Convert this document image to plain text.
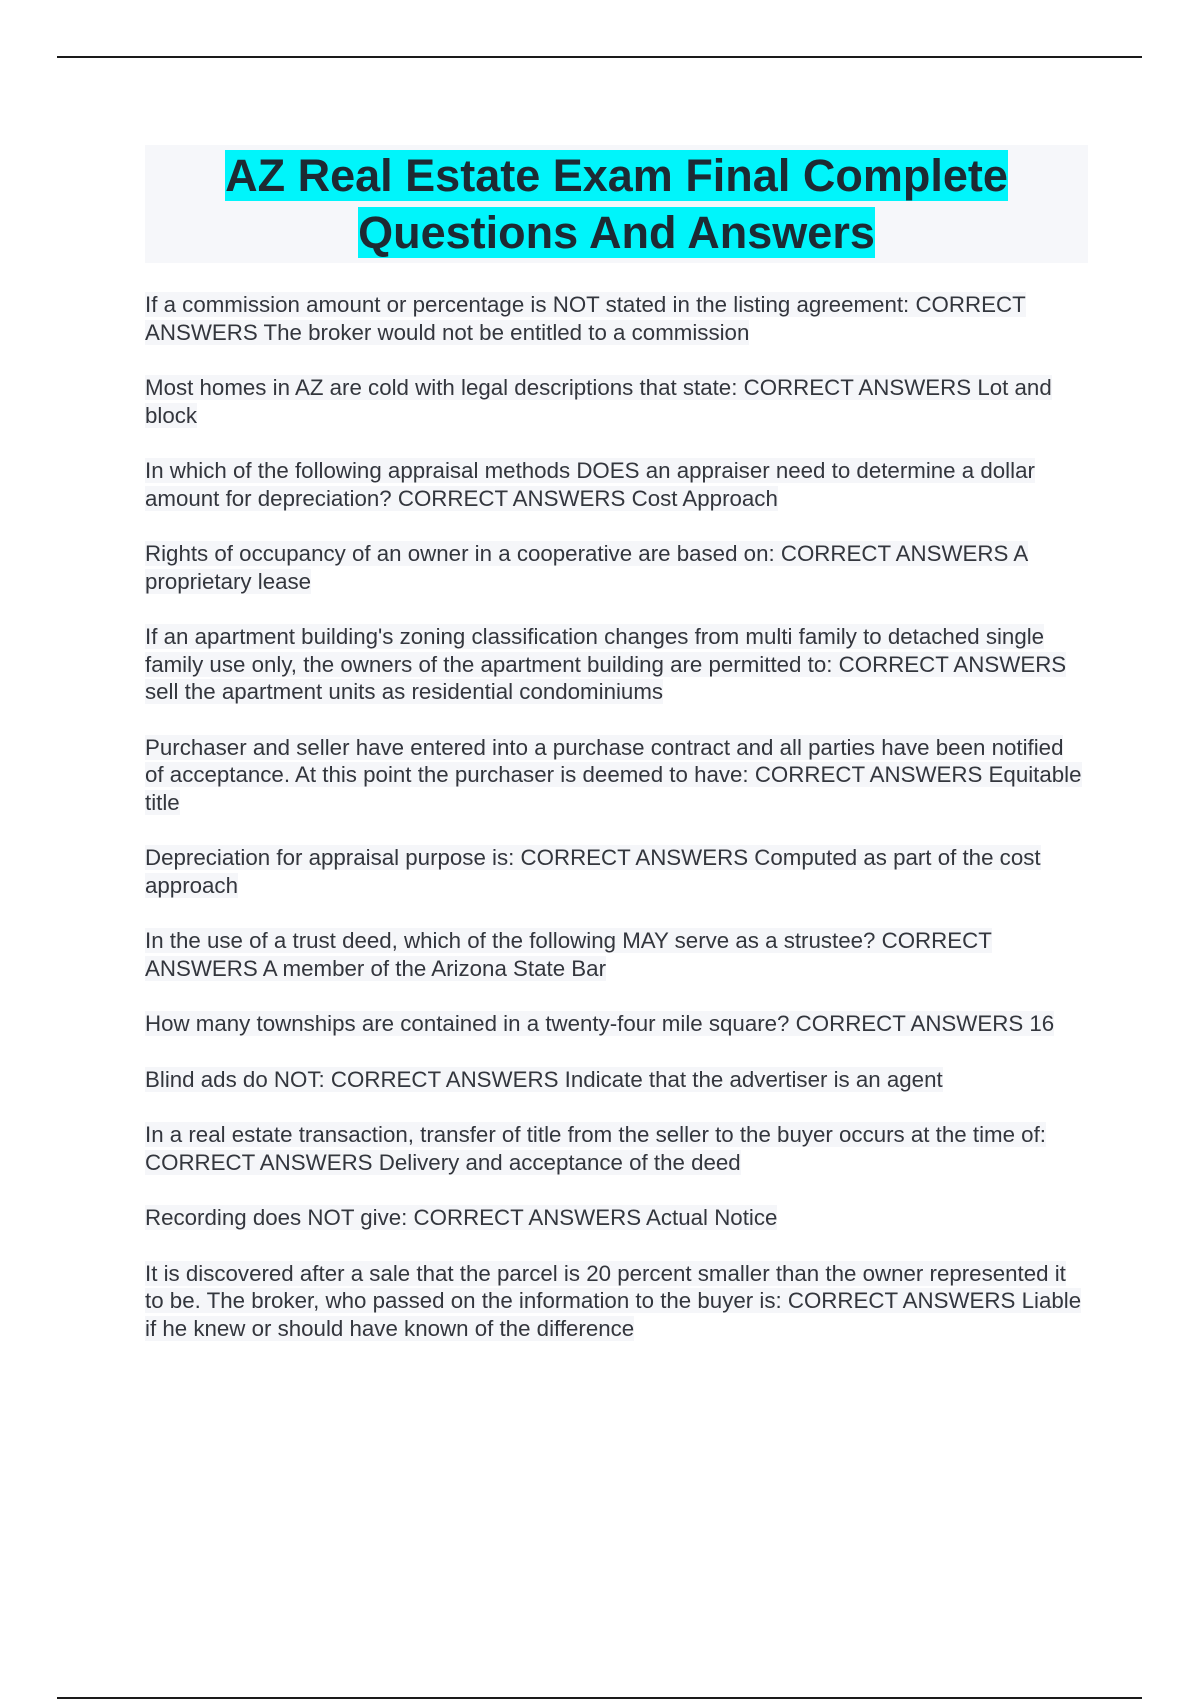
AZ Real Estate Exam Final Complete Questions And Answers
If a commission amount or percentage is NOT stated in the listing agreement: CORRECT ANSWERS The broker would not be entitled to a commission
Most homes in AZ are cold with legal descriptions that state: CORRECT ANSWERS Lot and block
In which of the following appraisal methods DOES an appraiser need to determine a dollar amount for depreciation? CORRECT ANSWERS Cost Approach
Rights of occupancy of an owner in a cooperative are based on: CORRECT ANSWERS A proprietary lease
If an apartment building's zoning classification changes from multi family to detached single family use only, the owners of the apartment building are permitted to: CORRECT ANSWERS sell the apartment units as residential condominiums
Purchaser and seller have entered into a purchase contract and all parties have been notified of acceptance. At this point the purchaser is deemed to have: CORRECT ANSWERS Equitable title
Depreciation for appraisal purpose is: CORRECT ANSWERS Computed as part of the cost approach
In the use of a trust deed, which of the following MAY serve as a strustee? CORRECT ANSWERS A member of the Arizona State Bar
How many townships are contained in a twenty-four mile square? CORRECT ANSWERS 16
Blind ads do NOT: CORRECT ANSWERS Indicate that the advertiser is an agent
In a real estate transaction, transfer of title from the seller to the buyer occurs at the time of: CORRECT ANSWERS Delivery and acceptance of the deed
Recording does NOT give: CORRECT ANSWERS Actual Notice
It is discovered after a sale that the parcel is 20 percent smaller than the owner represented it to be. The broker, who passed on the information to the buyer is: CORRECT ANSWERS Liable if he knew or should have known of the difference
